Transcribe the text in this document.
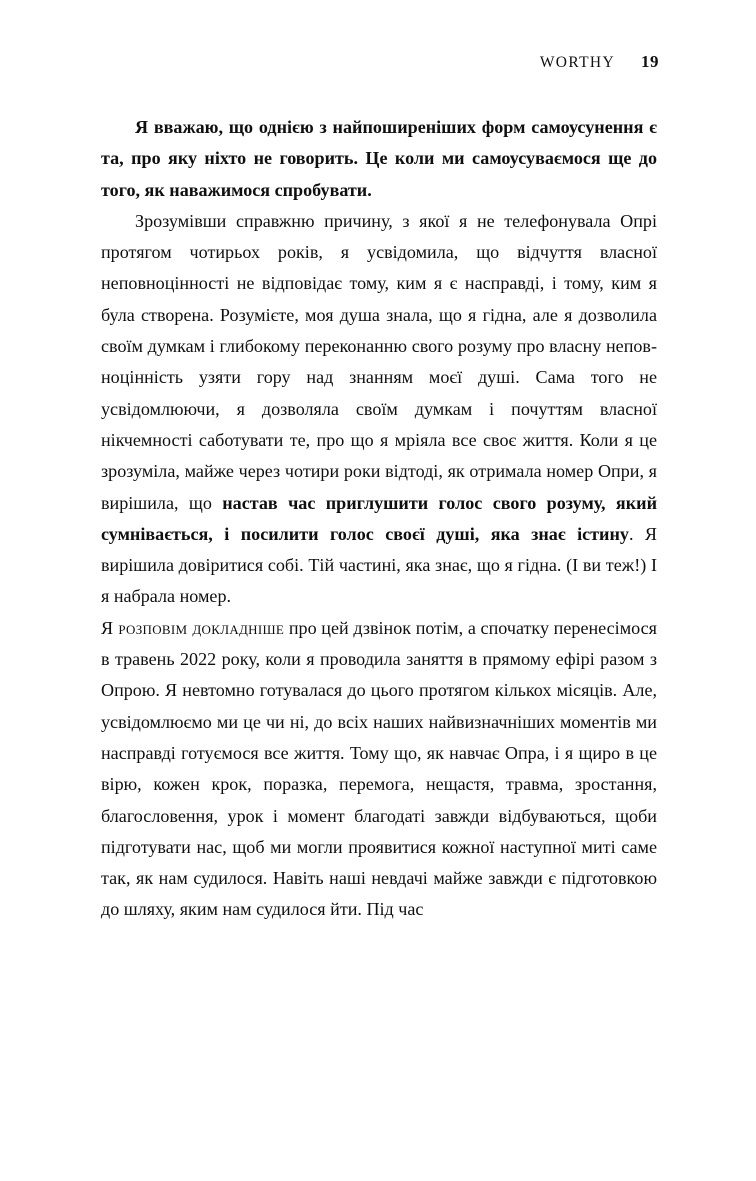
WORTHY 19

Я вважаю, що однією з найпоширеніших форм самоусунення є та, про яку ніхто не говорить. Це коли ми самоусуваємося ще до того, як наважимося спробувати.

Зрозумівши справжню причину, з якої я не телефонувала Опрі протягом чотирьох років, я усвідомила, що відчуття власної неповноцінності не відповідає тому, ким я є насправді, і тому, ким я була створена. Розумієте, моя душа знала, що я гідна, але я дозволила своїм думкам і глибокому переконанню свого розуму про власну неповноцінність узяти гору над знанням моєї душі. Сама того не усвідомлюючи, я дозволяла своїм думкам і почуттям власної нікчемності саботувати те, про що я мріяла все своє життя. Коли я це зрозуміла, майже через чотири роки відтоді, як отримала номер Опри, я вирішила, що настав час приглушити голос свого розуму, який сумнівається, і посилити голос своєї душі, яка знає істину. Я вирішила довіритися собі. Тій частині, яка знає, що я гідна. (І ви теж!) І я набрала номер.

Я розповім докладніше про цей дзвінок потім, а спочатку перенесімося в травень 2022 року, коли я проводила заняття в прямому ефірі разом з Опрою. Я невтомно готувалася до цього протягом кількох місяців. Але, усвідомлюємо ми це чи ні, до всіх наших найвизначніших моментів ми насправді готуємося все життя. Тому що, як навчає Опра, і я щиро в це вірю, кожен крок, поразка, перемога, нещастя, травма, зростання, благословення, урок і момент благодаті завжди відбуваються, щоби підготувати нас, щоб ми могли проявитися кожної наступної миті саме так, як нам судилося. Навіть наші невдачі майже завжди є підготовкою до шляху, яким нам судилося йти. Під час
